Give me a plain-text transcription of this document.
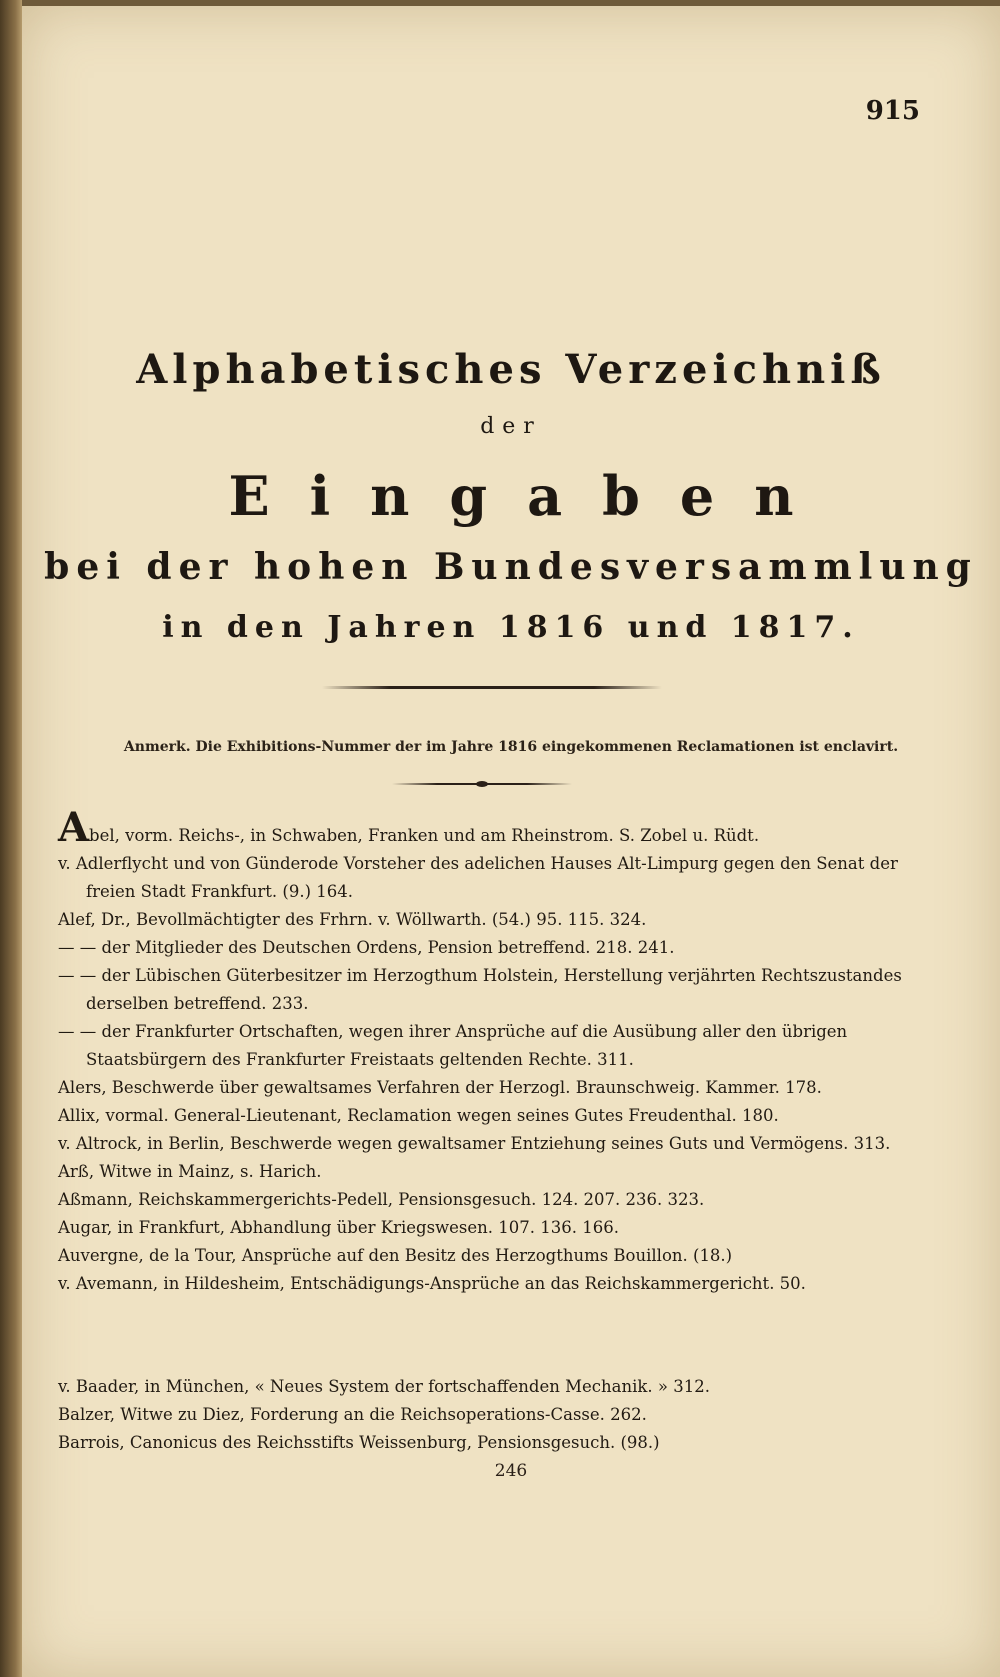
915
Alphabetisches Verzeichniß
der
Eingaben
bei der hohen Bundesversammlung
in den Jahren 1816 und 1817.
Anmerk. Die Exhibitions-Nummer der im Jahre 1816 eingekommenen Reclamationen ist enclavirt.

Abel, vorm. Reichs-, in Schwaben, Franken und am Rheinstrom. S. Zobel u. Rüdt.

v. Adlerflycht und von Günderode Vorsteher des adelichen Hauses Alt-Limpurg gegen den Senat der freien Stadt Frankfurt. (9.) 164.

Alef, Dr., Bevollmächtigter des Frhrn. v. Wöllwarth. (54.) 95. 115. 324.

— — der Mitglieder des Deutschen Ordens, Pension betreffend. 218. 241.

— — der Lübischen Güterbesitzer im Herzogthum Holstein, Herstellung verjährten Rechtszustandes derselben betreffend. 233.

— — der Frankfurter Ortschaften, wegen ihrer Ansprüche auf die Ausübung aller den übrigen Staatsbürgern des Frankfurter Freistaats geltenden Rechte. 311.

Alers, Beschwerde über gewaltsames Verfahren der Herzogl. Braunschweig. Kammer. 178.

Allix, vormal. General-Lieutenant, Reclamation wegen seines Gutes Freudenthal. 180.

v. Altrock, in Berlin, Beschwerde wegen gewaltsamer Entziehung seines Guts und Vermögens. 313.

Arß, Witwe in Mainz, s. Harich.

Aßmann, Reichskammergerichts-Pedell, Pensionsgesuch. 124. 207. 236. 323.

Augar, in Frankfurt, Abhandlung über Kriegswesen. 107. 136. 166.

Auvergne, de la Tour, Ansprüche auf den Besitz des Herzogthums Bouillon. (18.)

v. Avemann, in Hildesheim, Entschädigungs-Ansprüche an das Reichskammergericht. 50.

v. Baader, in München, « Neues System der fortschaffenden Mechanik. » 312.

Balzer, Witwe zu Diez, Forderung an die Reichsoperations-Casse. 262.

Barrois, Canonicus des Reichsstifts Weissenburg, Pensionsgesuch. (98.)

246
